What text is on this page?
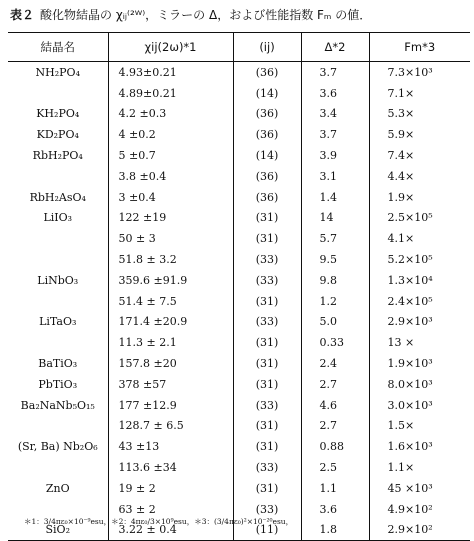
表２ 酸化物結晶の χᵢⱼ⁽²ᵂ⁾，ミラーの Δ，および性能指数 Fₘ の値．
結晶名	χij(2ω)*1	(ij)	Δ*2	Fm*3
NH₂PO₄	4.93±0.21	(36)	3.7	7.3×10³
	4.89±0.21	(14)	3.6	7.1×
KH₂PO₄	4.2 ±0.3	(36)	3.4	5.3×
KD₂PO₄	4 ±0.2	(36)	3.7	5.9×
RbH₂PO₄	5 ±0.7	(14)	3.9	7.4×
	3.8 ±0.4	(36)	3.1	4.4×
RbH₂AsO₄	3 ±0.4	(36)	1.4	1.9×
LiIO₃	122 ±19	(31)	14	2.5×10⁵
	50 ± 3	(31)	5.7	4.1×
	51.8 ± 3.2	(33)	9.5	5.2×10⁵
LiNbO₃	359.6 ±91.9	(33)	9.8	1.3×10⁴
	51.4 ± 7.5	(31)	1.2	2.4×10⁵
LiTaO₃	171.4 ±20.9	(33)	5.0	2.9×10³
	11.3 ± 2.1	(31)	0.33	13 ×
BaTiO₃	157.8 ±20	(31)	2.4	1.9×10³
PbTiO₃	378 ±57	(31)	2.7	8.0×10³
Ba₂NaNb₅O₁₅	177 ±12.9	(33)	4.6	3.0×10³
	128.7 ± 6.5	(31)	2.7	1.5×
(Sr, Ba) Nb₂O₆	43 ±13	(31)	0.88	1.6×10³
	113.6 ±34	(33)	2.5	1.1×
ZnO	19 ± 2	(31)	1.1	45 ×10³
	63 ± 2	(33)	3.6	4.9×10²
SiO₂	3.22 ± 0.4	(11)	1.8	2.9×10²
＊1：3/4πε₀×10⁻⁹esu，＊2：4πε₀/3×10⁹esu，＊3：(3/4πε₀)²×10⁻²⁰esu，
